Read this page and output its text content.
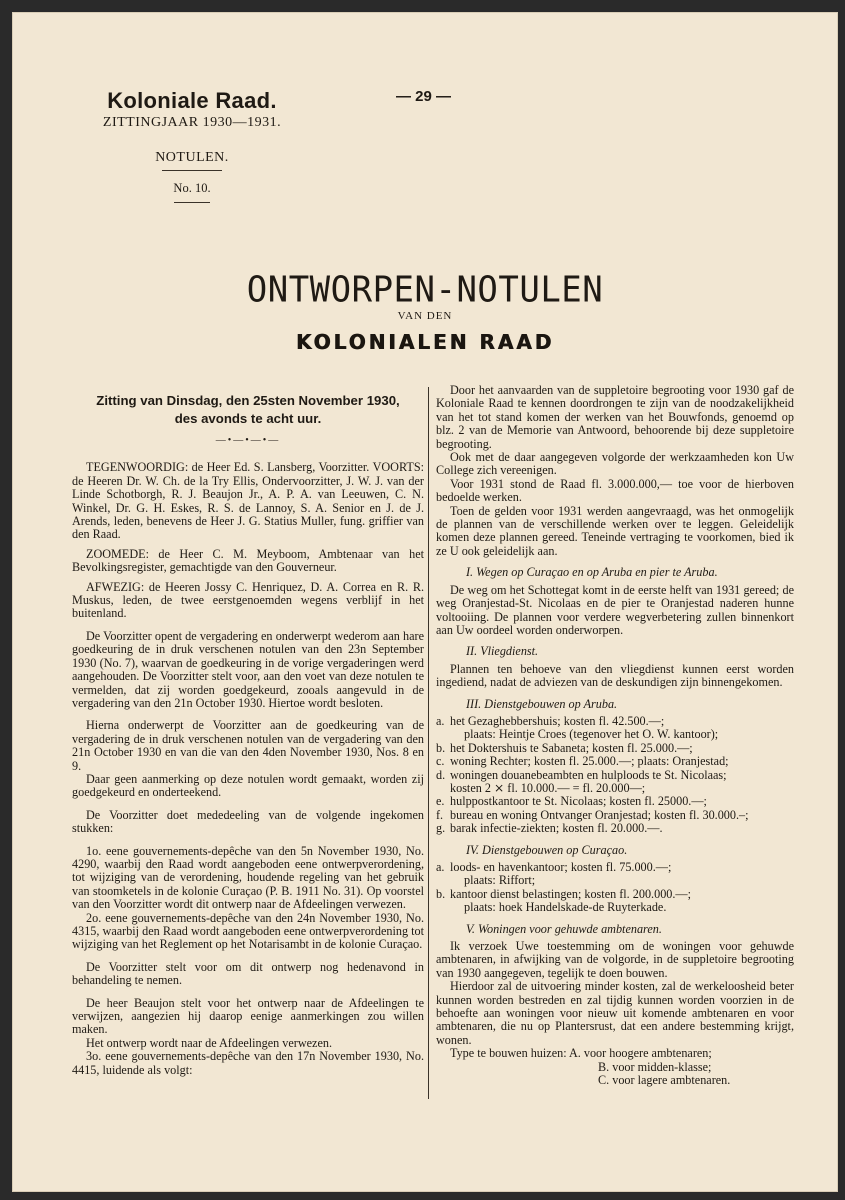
Koloniale Raad.
ZITTINGJAAR 1930—1931.
NOTULEN.
No. 10.
— 29 —
ONTWORPEN-NOTULEN
VAN DEN
KOLONIALEN RAAD
Zitting van Dinsdag, den 25sten November 1930,
des avonds te acht uur.
—•—•—•—

TEGENWOORDIG: de Heer Ed. S. Lansberg, Voorzitter. VOORTS: de Heeren Dr. W. Ch. de la Try Ellis, Ondervoorzitter, J. W. J. van der Linde Schotborgh, R. J. Beaujon Jr., A. P. A. van Leeuwen, C. N. Winkel, Dr. G. H. Eskes, R. S. de Lannoy, S. A. Senior en J. de J. Arends, leden, benevens de Heer J. G. Statius Muller, fung. griffier van den Raad.

ZOOMEDE: de Heer C. M. Meyboom, Ambtenaar van het Bevolkingsregister, gemachtigde van den Gouverneur.

AFWEZIG: de Heeren Jossy C. Henriquez, D. A. Correa en R. R. Muskus, leden, de twee eerstgenoemden wegens verblijf in het buitenland.

De Voorzitter opent de vergadering en onderwerpt wederom aan hare goedkeuring de in druk verschenen notulen van den 23n September 1930 (No. 7), waarvan de goedkeuring in de vorige vergaderingen werd aangehouden. De Voorzitter stelt voor, aan den voet van deze notulen te vermelden, dat zij worden goedgekeurd, zooals aangevuld in de vergadering van den 21n October 1930. Hiertoe wordt besloten.

Hierna onderwerpt de Voorzitter aan de goedkeuring van de vergadering de in druk verschenen notulen van de vergadering van den 21n October 1930 en van die van den 4den November 1930, Nos. 8 en 9.

Daar geen aanmerking op deze notulen wordt gemaakt, worden zij goedgekeurd en onderteekend.

De Voorzitter doet mededeeling van de volgende ingekomen stukken:

1o. eene gouvernements-depêche van den 5n November 1930, No. 4290, waarbij den Raad wordt aangeboden eene ontwerpverordening, tot wijziging van de verordening, houdende regeling van het gebruik van stoomketels in de kolonie Curaçao (P. B. 1911 No. 31). Op voorstel van den Voorzitter wordt dit ontwerp naar de Afdeelingen verwezen.

2o. eene gouvernements-depêche van den 24n November 1930, No. 4315, waarbij den Raad wordt aangeboden eene ontwerpverordening tot wijziging van het Reglement op het Notarisambt in de kolonie Curaçao.

De Voorzitter stelt voor om dit ontwerp nog hedenavond in behandeling te nemen.

De heer Beaujon stelt voor het ontwerp naar de Afdeelingen te verwijzen, aangezien hij daarop eenige aanmerkingen zou willen maken.

Het ontwerp wordt naar de Afdeelingen verwezen.

3o. eene gouvernements-depêche van den 17n November 1930, No. 4415, luidende als volgt:

Door het aanvaarden van de suppletoire begrooting voor 1930 gaf de Koloniale Raad te kennen doordrongen te zijn van de noodzakelijkheid van het tot stand komen der werken van het Bouwfonds, genoemd op blz. 2 van de Memorie van Antwoord, behoorende bij deze suppletoire begrooting.

Ook met de daar aangegeven volgorde der werkzaamheden kon Uw College zich vereenigen.

Voor 1931 stond de Raad fl. 3.000.000,— toe voor de hierboven bedoelde werken.

Toen de gelden voor 1931 werden aangevraagd, was het onmogelijk de plannen van de verschillende werken over te leggen. Geleidelijk komen deze plannen gereed. Teneinde vertraging te voorkomen, bied ik ze U ook geleidelijk aan.

I. Wegen op Curaçao en op Aruba en pier te Aruba.

De weg om het Schottegat komt in de eerste helft van 1931 gereed; de weg Oranjestad-St. Nicolaas en de pier te Oranjestad naderen hunne voltooiing. De plannen voor verdere wegverbetering zullen binnenkort aan Uw oordeel worden onderworpen.

II. Vliegdienst.

Plannen ten behoeve van den vliegdienst kunnen eerst worden ingediend, nadat de adviezen van de deskundigen zijn binnengekomen.

III. Dienstgebouwen op Aruba.
a. het Gezaghebbershuis; kosten fl. 42.500.—;
plaats: Heintje Croes (tegenover het O. W. kantoor);
b. het Doktershuis te Sabaneta; kosten fl. 25.000.—;
c. woning Rechter; kosten fl. 25.000.—; plaats: Oranjestad;
d. woningen douanebeambten en hulploods te St. Nicolaas;
kosten 2 ⨯ fl. 10.000.— = fl. 20.000—;
e. hulppostkantoor te St. Nicolaas; kosten fl. 25000.—;
f. bureau en woning Ontvanger Oranjestad; kosten fl. 30.000.–;
g. barak infectie-ziekten; kosten fl. 20.000.—.
IV. Dienstgebouwen op Curaçao.
a. loods- en havenkantoor; kosten fl. 75.000.—;
plaats: Riffort;
b. kantoor dienst belastingen; kosten fl. 200.000.—;
plaats: hoek Handelskade-de Ruyterkade.
V. Woningen voor gehuwde ambtenaren.

Ik verzoek Uwe toestemming om de woningen voor gehuwde ambtenaren, in afwijking van de volgorde, in de suppletoire begrooting van 1930 aangegeven, tegelijk te doen bouwen.

Hierdoor zal de uitvoering minder kosten, zal de werkeloosheid beter kunnen worden bestreden en zal tijdig kunnen worden voorzien in de behoefte aan woningen voor nieuw uit komende ambtenaren en voor ambtenaren, die nu op Plantersrust, dat een andere bestemming krijgt, wonen.

Type te bouwen huizen: A. voor hoogere ambtenaren;

B. voor midden-klasse;
C. voor lagere ambtenaren.
